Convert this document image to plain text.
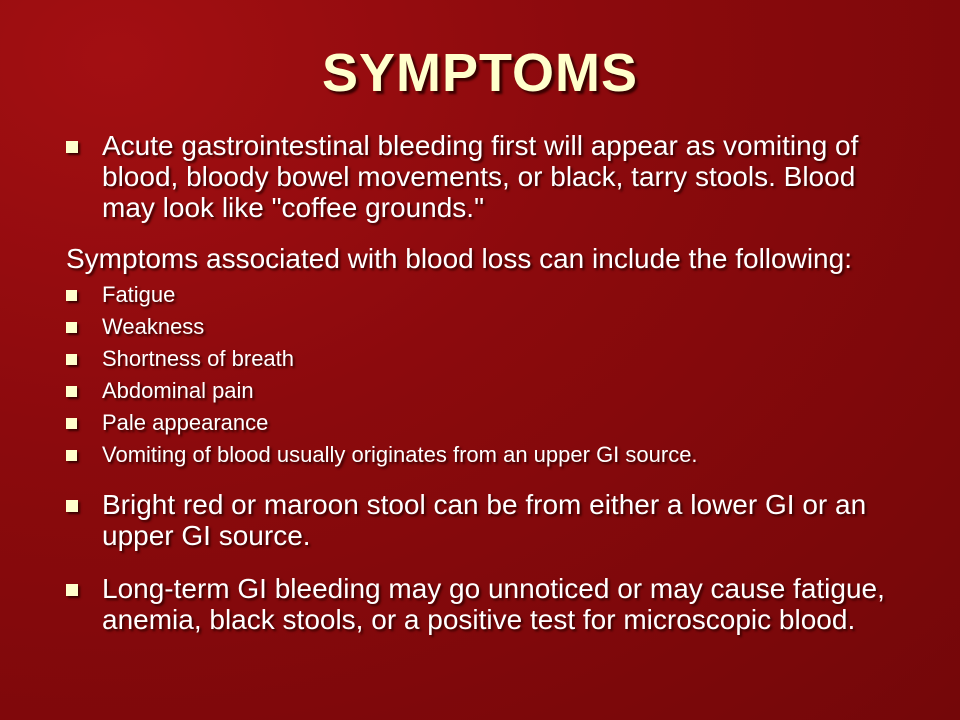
SYMPTOMS
Acute gastrointestinal bleeding first will appear as vomiting of blood, bloody bowel movements, or black, tarry stools. Blood may look like "coffee grounds."
Symptoms associated with blood loss can include the following:
Fatigue
Weakness
Shortness of breath
Abdominal pain
Pale appearance
Vomiting of blood usually originates from an upper GI source.
Bright red or maroon stool can be from either a lower GI or an upper GI source.
Long-term GI bleeding may go unnoticed or may cause fatigue, anemia, black stools, or a positive test for microscopic blood.
